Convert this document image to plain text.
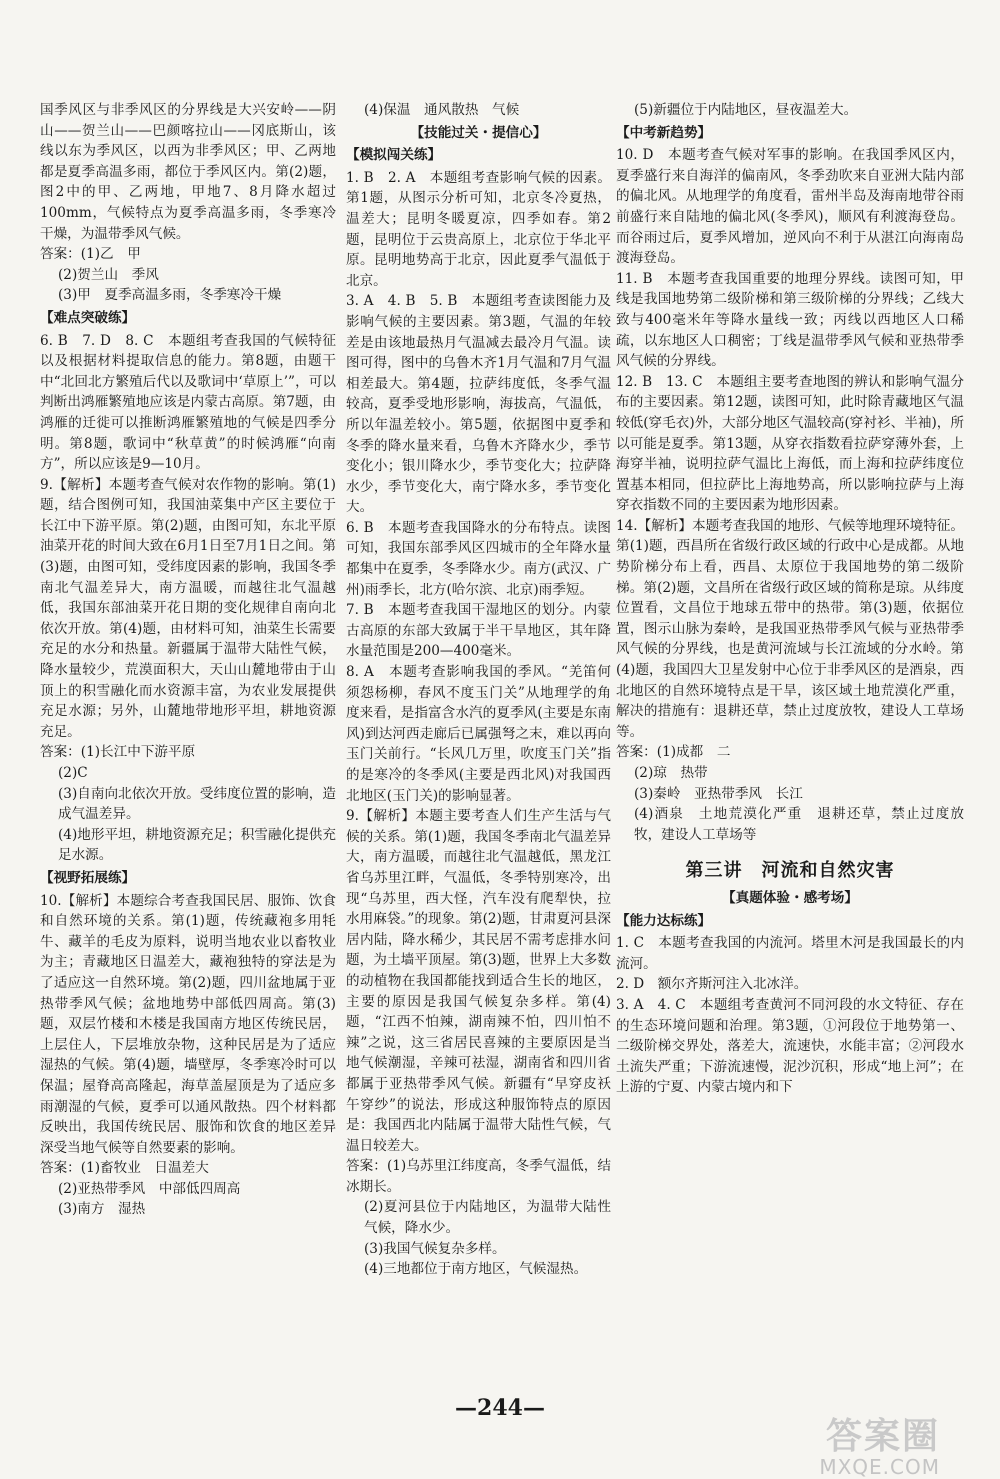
国季风区与非季风区的分界线是大兴安岭——阴山——贺兰山——巴颜喀拉山——冈底斯山，该线以东为季风区，以西为非季风区；甲、乙两地都是夏季高温多雨，都位于季风区内。第(2)题，图2中的甲、乙两地，甲地7、8月降水超过100mm，气候特点为夏季高温多雨，冬季寒冷干燥，为温带季风气候。

答案：(1)乙　甲

(2)贺兰山　季风

(3)甲　夏季高温多雨，冬季寒冷干燥

【难点突破练】

6. B　7. D　8. C　本题组考查我国的气候特征以及根据材料提取信息的能力。第8题，由题干中“北回北方繁殖后代以及歌词中‘草原上’”，可以判断出鸿雁繁殖地应该是内蒙古高原。第7题，由鸿雁的迁徙可以推断鸿雁繁殖地的气候是四季分明。第8题，歌词中“秋草黄”的时候鸿雁“向南方”，所以应该是9—10月。

9.【解析】本题考查气候对农作物的影响。第(1)题，结合图例可知，我国油菜集中产区主要位于长江中下游平原。第(2)题，由图可知，东北平原油菜开花的时间大致在6月1日至7月1日之间。第(3)题，由图可知，受纬度因素的影响，我国冬季南北气温差异大，南方温暖，而越往北气温越低，我国东部油菜开花日期的变化规律自南向北依次开放。第(4)题，由材料可知，油菜生长需要充足的水分和热量。新疆属于温带大陆性气候，降水量较少，荒漠面积大，天山山麓地带由于山顶上的积雪融化而水资源丰富，为农业发展提供充足水源；另外，山麓地带地形平坦，耕地资源充足。

答案：(1)长江中下游平原

(2)C

(3)自南向北依次开放。受纬度位置的影响，造成气温差异。

(4)地形平坦，耕地资源充足；积雪融化提供充足水源。

【视野拓展练】

10.【解析】本题综合考查我国民居、服饰、饮食和自然环境的关系。第(1)题，传统藏袍多用牦牛、藏羊的毛皮为原料，说明当地农业以畜牧业为主；青藏地区日温差大，藏袍独特的穿法是为了适应这一自然环境。第(2)题，四川盆地属于亚热带季风气候；盆地地势中部低四周高。第(3)题，双层竹楼和木楼是我国南方地区传统民居，上层住人，下层堆放杂物，这种民居是为了适应湿热的气候。第(4)题，墙壁厚，冬季寒冷时可以保温；屋脊高高隆起，海草盖屋顶是为了适应多雨潮湿的气候，夏季可以通风散热。四个材料都反映出，我国传统民居、服饰和饮食的地区差异深受当地气候等自然要素的影响。

答案：(1)畜牧业　日温差大

(2)亚热带季风　中部低四周高

(3)南方　湿热

(4)保温　通风散热　气候

【技能过关・提信心】

【模拟闯关练】

1. B　2. A　本题组考查影响气候的因素。第1题，从图示分析可知，北京冬冷夏热，温差大；昆明冬暖夏凉，四季如春。第2题，昆明位于云贵高原上，北京位于华北平原。昆明地势高于北京，因此夏季气温低于北京。

3. A　4. B　5. B　本题组考查读图能力及影响气候的主要因素。第3题，气温的年较差是由该地最热月气温减去最冷月气温。读图可得，图中的乌鲁木齐1月气温和7月气温相差最大。第4题，拉萨纬度低，冬季气温较高，夏季受地形影响，海拔高，气温低，所以年温差较小。第5题，依据图中夏季和冬季的降水量来看，乌鲁木齐降水少，季节变化小；银川降水少，季节变化大；拉萨降水少，季节变化大，南宁降水多，季节变化大。

6. B　本题考查我国降水的分布特点。读图可知，我国东部季风区四城市的全年降水量都集中在夏季，冬季降水少。南方(武汉、广州)雨季长，北方(哈尔滨、北京)雨季短。

7. B　本题考查我国干湿地区的划分。内蒙古高原的东部大致属于半干旱地区，其年降水量范围是200—400毫米。

8. A　本题考查影响我国的季风。“羌笛何须怨杨柳，春风不度玉门关”从地理学的角度来看，是指富含水汽的夏季风(主要是东南风)到达河西走廊后已属强弩之末，难以再向玉门关前行。“长风几万里，吹度玉门关”指的是寒冷的冬季风(主要是西北风)对我国西北地区(玉门关)的影响显著。

9.【解析】本题主要考查人们生产生活与气候的关系。第(1)题，我国冬季南北气温差异大，南方温暖，而越往北气温越低，黑龙江省乌苏里江畔，气温低，冬季特别寒冷，出现“乌苏里，西大怪，汽车没有爬犁快，拉水用麻袋。”的现象。第(2)题，甘肃夏河县深居内陆，降水稀少，其民居不需考虑排水问题，为土墙平顶屋。第(3)题，世界上大多数的动植物在我国都能找到适合生长的地区，主要的原因是我国气候复杂多样。第(4)题，“江西不怕辣，湖南辣不怕，四川怕不辣”之说，这三省居民喜辣的主要原因是当地气候潮湿，辛辣可祛湿，湖南省和四川省都属于亚热带季风气候。新疆有“早穿皮袄午穿纱”的说法，形成这种服饰特点的原因是：我国西北内陆属于温带大陆性气候，气温日较差大。

答案：(1)乌苏里江纬度高，冬季气温低，结冰期长。

(2)夏河县位于内陆地区，为温带大陆性气候，降水少。

(3)我国气候复杂多样。

(4)三地都位于南方地区，气候湿热。

(5)新疆位于内陆地区，昼夜温差大。

【中考新趋势】

10. D　本题考查气候对军事的影响。在我国季风区内，夏季盛行来自海洋的偏南风，冬季劲吹来自亚洲大陆内部的偏北风。从地理学的角度看，雷州半岛及海南地带谷雨前盛行来自陆地的偏北风(冬季风)，顺风有利渡海登岛。而谷雨过后，夏季风增加，逆风向不利于从湛江向海南岛渡海登岛。

11. B　本题考查我国重要的地理分界线。读图可知，甲线是我国地势第二级阶梯和第三级阶梯的分界线；乙线大致与400毫米年等降水量线一致；丙线以西地区人口稀疏，以东地区人口稠密；丁线是温带季风气候和亚热带季风气候的分界线。

12. B　13. C　本题组主要考查地图的辨认和影响气温分布的主要因素。第12题，读图可知，此时除青藏地区气温较低(穿毛衣)外，大部分地区气温较高(穿衬衫、半袖)，所以可能是夏季。第13题，从穿衣指数看拉萨穿薄外套，上海穿半袖，说明拉萨气温比上海低，而上海和拉萨纬度位置基本相同，但拉萨比上海地势高，所以影响拉萨与上海穿衣指数不同的主要因素为地形因素。

14.【解析】本题考查我国的地形、气候等地理环境特征。第(1)题，西昌所在省级行政区域的行政中心是成都。从地势阶梯分布上看，西昌、太原位于我国地势的第二级阶梯。第(2)题，文昌所在省级行政区域的简称是琼。从纬度位置看，文昌位于地球五带中的热带。第(3)题，依据位置，图示山脉为秦岭，是我国亚热带季风气候与亚热带季风气候的分界线，也是黄河流域与长江流域的分水岭。第(4)题，我国四大卫星发射中心位于非季风区的是酒泉，西北地区的自然环境特点是干旱，该区域土地荒漠化严重，解决的措施有：退耕还草，禁止过度放牧，建设人工草场等。

答案：(1)成都　二

(2)琼　热带

(3)秦岭　亚热带季风　长江

(4)酒泉　土地荒漠化严重　退耕还草，禁止过度放牧，建设人工草场等

第三讲　河流和自然灾害

【真题体验・感考场】

【能力达标练】

1. C　本题考查我国的内流河。塔里木河是我国最长的内流河。

2. D　额尔齐斯河注入北冰洋。

3. A　4. C　本题组考查黄河不同河段的水文特征、存在的生态环境问题和治理。第3题，①河段位于地势第一、二级阶梯交界处，落差大，流速快，水能丰富；②河段水土流失严重；下游流速慢，泥沙沉积，形成“地上河”；在上游的宁夏、内蒙古境内和下

—244—
答案圈
MXQE.COM
